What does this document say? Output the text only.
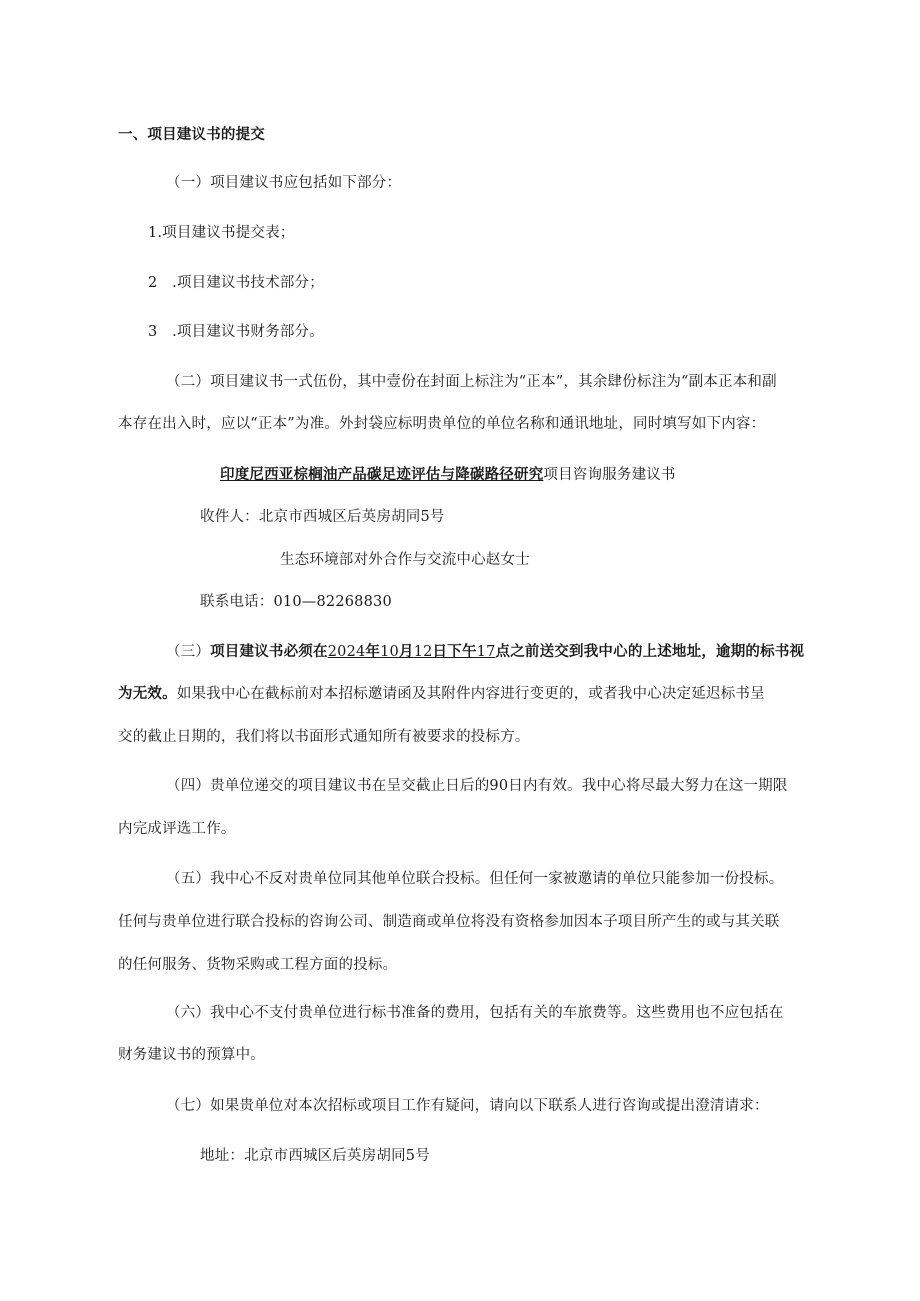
一、项目建议书的提交
（一）项目建议书应包括如下部分：
1.项目建议书提交表；
2　.项目建议书技术部分；
3　.项目建议书财务部分。
（二）项目建议书一式伍份，其中壹份在封面上标注为“正本”，其余肆份标注为“副本正本和副
本存在出入时，应以“正本”为准。外封袋应标明贵单位的单位名称和通讯地址，同时填写如下内容：
印度尼西亚棕榈油产品碳足迹评估与降碳路径研究项目咨询服务建议书
收件人：北京市西城区后英房胡同5号
生态环境部对外合作与交流中心赵女士
联系电话：010—82268830
（三）项目建议书必须在2024年10月12日下午17点之前送交到我中心的上述地址，逾期的标书视
为无效。如果我中心在截标前对本招标邀请函及其附件内容进行变更的，或者我中心决定延迟标书呈
交的截止日期的，我们将以书面形式通知所有被要求的投标方。
（四）贵单位递交的项目建议书在呈交截止日后的90日内有效。我中心将尽最大努力在这一期限
内完成评选工作。
（五）我中心不反对贵单位同其他单位联合投标。但任何一家被邀请的单位只能参加一份投标。
任何与贵单位进行联合投标的咨询公司、制造商或单位将没有资格参加因本子项目所产生的或与其关联
的任何服务、货物采购或工程方面的投标。
（六）我中心不支付贵单位进行标书准备的费用，包括有关的车旅费等。这些费用也不应包括在
财务建议书的预算中。
（七）如果贵单位对本次招标或项目工作有疑问，请向以下联系人进行咨询或提出澄清请求：
地址：北京市西城区后英房胡同5号
